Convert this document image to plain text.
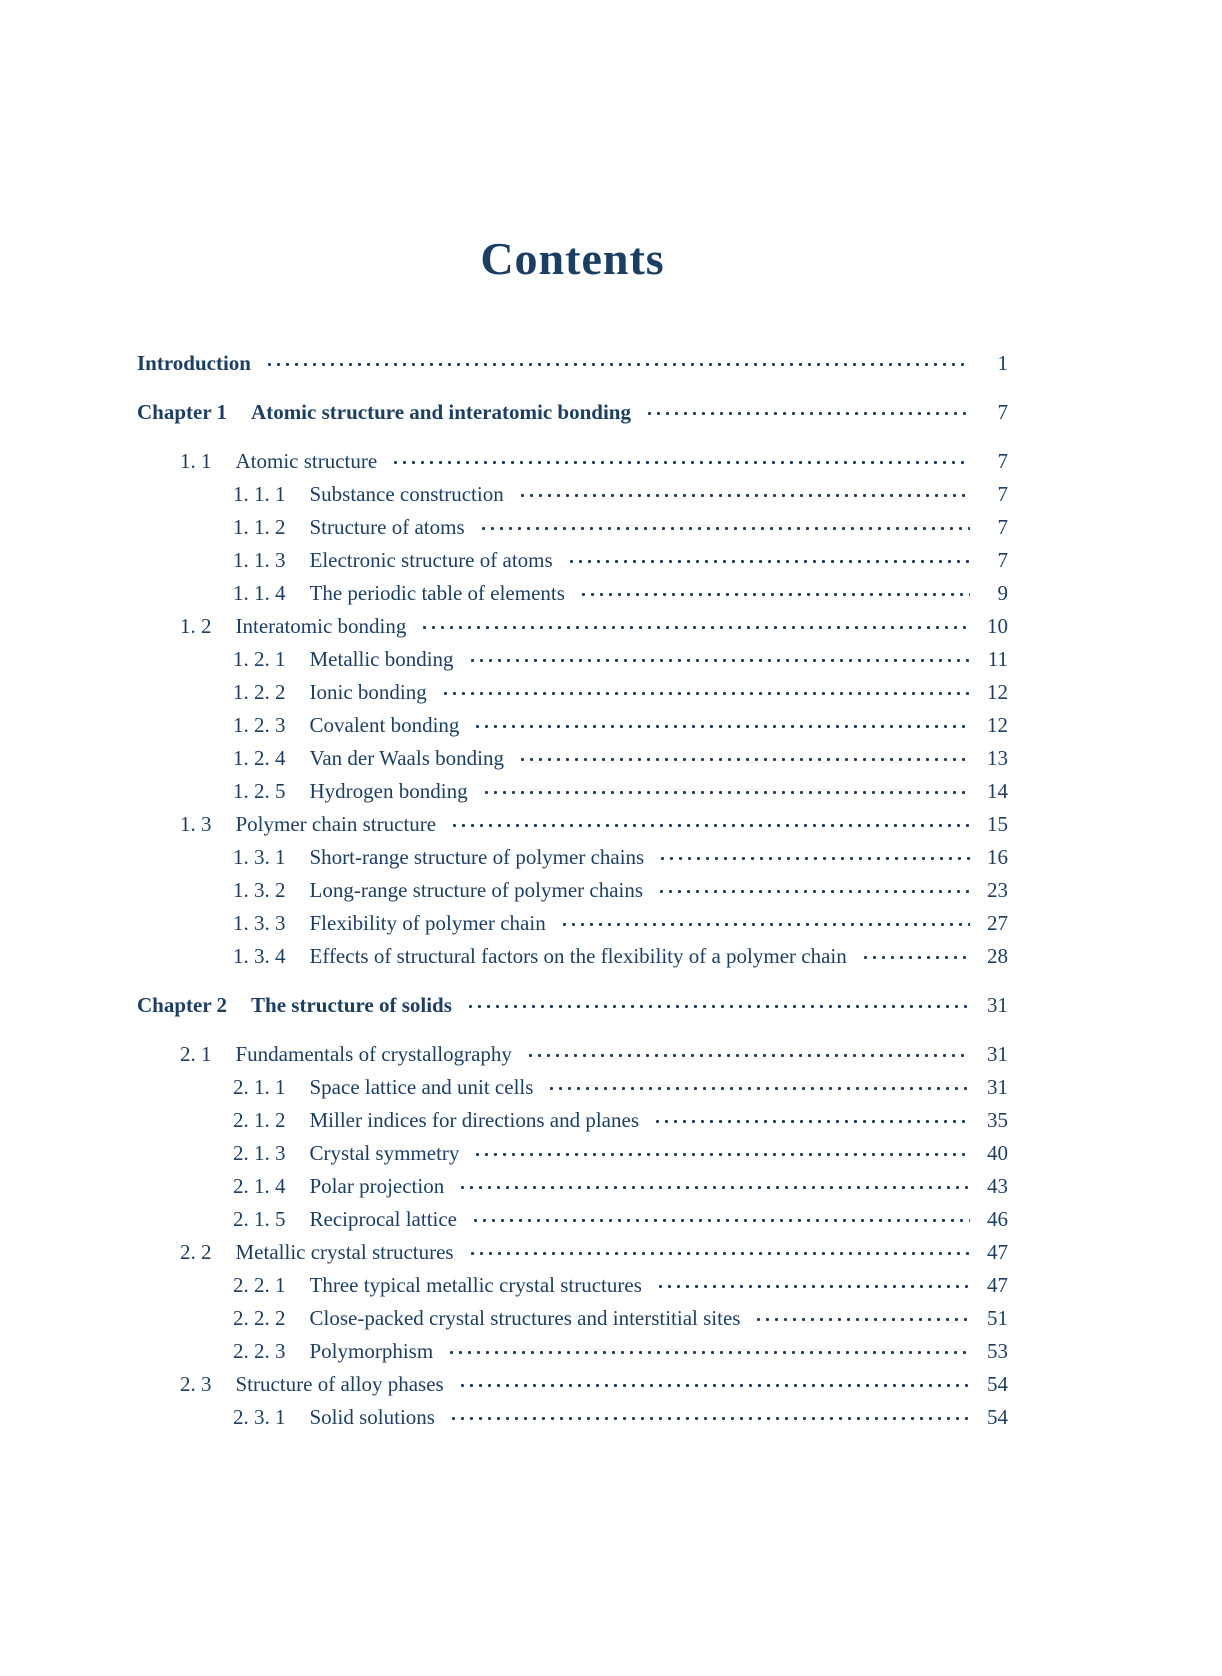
Contents
Introduction	1
Chapter 1 Atomic structure and interatomic bonding	7
1. 1 Atomic structure	7
1. 1. 1 Substance construction	7
1. 1. 2 Structure of atoms	7
1. 1. 3 Electronic structure of atoms	7
1. 1. 4 The periodic table of elements	9
1. 2 Interatomic bonding	10
1. 2. 1 Metallic bonding	11
1. 2. 2 Ionic bonding	12
1. 2. 3 Covalent bonding	12
1. 2. 4 Van der Waals bonding	13
1. 2. 5 Hydrogen bonding	14
1. 3 Polymer chain structure	15
1. 3. 1 Short-range structure of polymer chains	16
1. 3. 2 Long-range structure of polymer chains	23
1. 3. 3 Flexibility of polymer chain	27
1. 3. 4 Effects of structural factors on the flexibility of a polymer chain	28
Chapter 2 The structure of solids	31
2. 1 Fundamentals of crystallography	31
2. 1. 1 Space lattice and unit cells	31
2. 1. 2 Miller indices for directions and planes	35
2. 1. 3 Crystal symmetry	40
2. 1. 4 Polar projection	43
2. 1. 5 Reciprocal lattice	46
2. 2 Metallic crystal structures	47
2. 2. 1 Three typical metallic crystal structures	47
2. 2. 2 Close-packed crystal structures and interstitial sites	51
2. 2. 3 Polymorphism	53
2. 3 Structure of alloy phases	54
2. 3. 1 Solid solutions	54
